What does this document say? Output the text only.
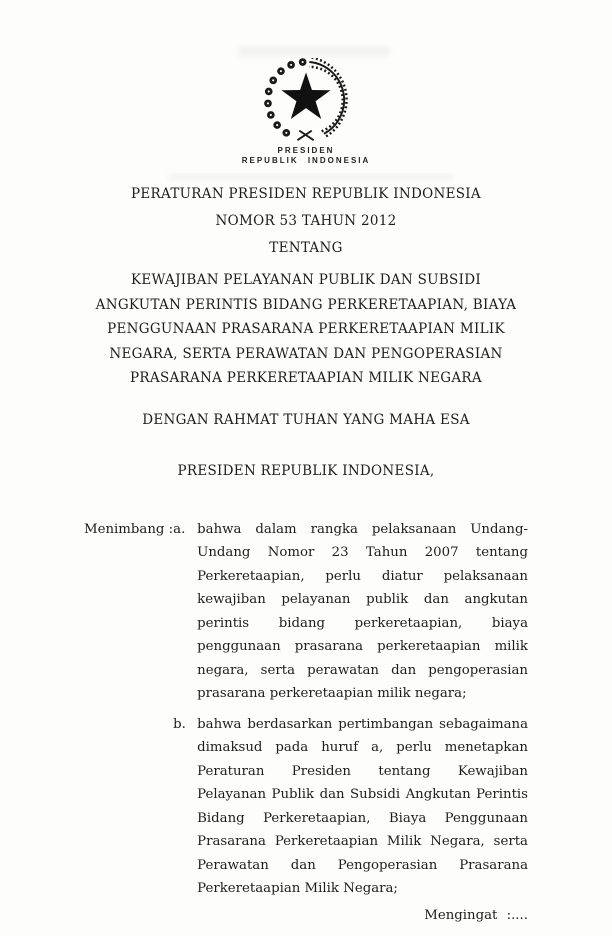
PRESIDEN
REPUBLIK INDONESIA
PERATURAN PRESIDEN REPUBLIK INDONESIA
NOMOR 53 TAHUN 2012
TENTANG
KEWAJIBAN PELAYANAN PUBLIK DAN SUBSIDI ANGKUTAN PERINTIS BIDANG PERKERETAAPIAN, BIAYA PENGGUNAAN PRASARANA PERKERETAAPIAN MILIK NEGARA, SERTA PERAWATAN DAN PENGOPERASIAN PRASARANA PERKERETAAPIAN MILIK NEGARA
DENGAN RAHMAT TUHAN YANG MAHA ESA
PRESIDEN REPUBLIK INDONESIA,
Menimbang : a. bahwa dalam rangka pelaksanaan Undang-Undang Nomor 23 Tahun 2007 tentang Perkeretaapian, perlu diatur pelaksanaan kewajiban pelayanan publik dan angkutan perintis bidang perkeretaapian, biaya penggunaan prasarana perkeretaapian milik negara, serta perawatan dan pengoperasian prasarana perkeretaapian milik negara;
b. bahwa berdasarkan pertimbangan sebagaimana dimaksud pada huruf a, perlu menetapkan Peraturan Presiden tentang Kewajiban Pelayanan Publik dan Subsidi Angkutan Perintis Bidang Perkeretaapian, Biaya Penggunaan Prasarana Perkeretaapian Milik Negara, serta Perawatan dan Pengoperasian Prasarana Perkeretaapian Milik Negara;
Mengingat :....
